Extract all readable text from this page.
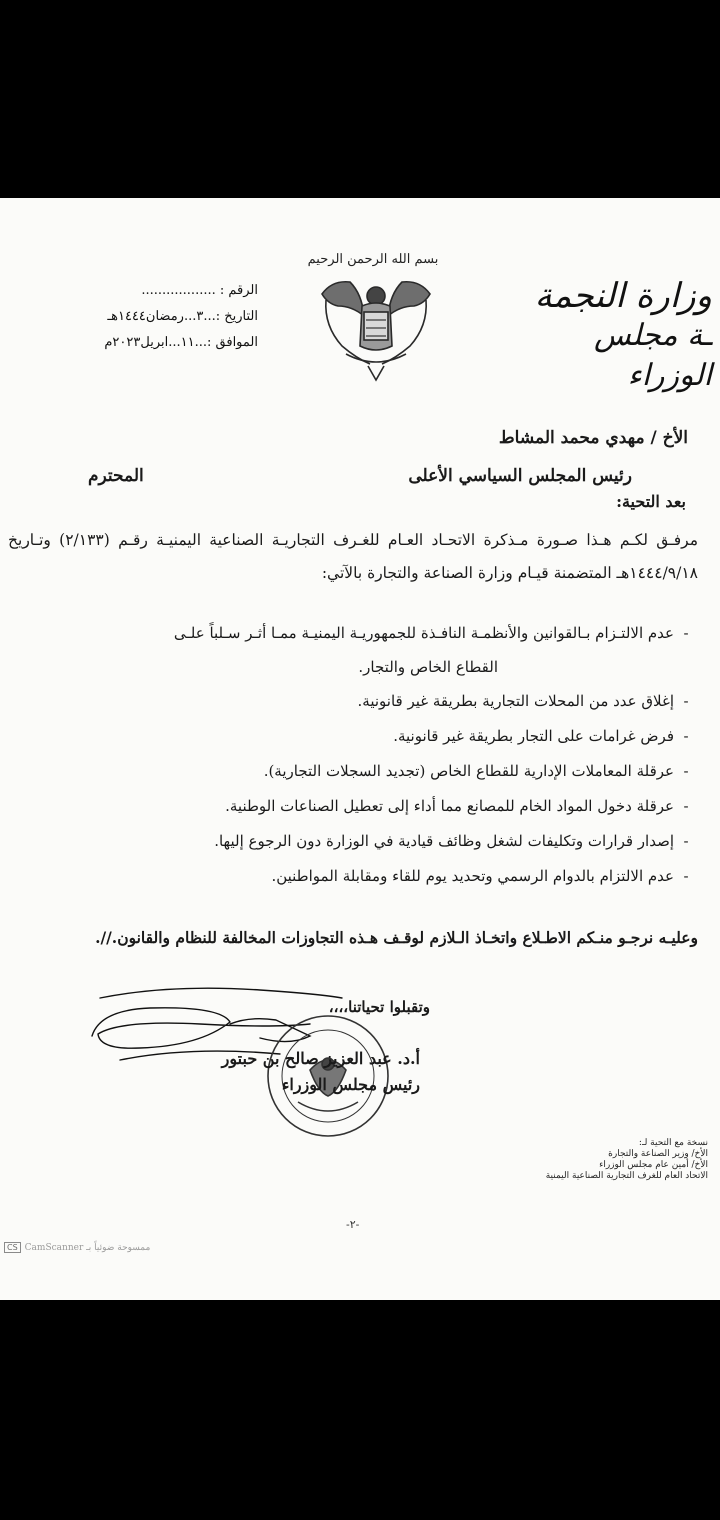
وزارة النجمة
ـة مجلس الوزراء
الرقم : ..................
التاريخ :...٣...رمضان١٤٤٤هـ
الموافق :...١١...ابريل٢٠٢٣م
بسم الله الرحمن الرحيم
الأخ / مهدي محمد المشاط
رئيس المجلس السياسي الأعلى
المحترم
بعد التحية:
مرفـق لكـم هـذا صـورة مـذكرة الاتحـاد العـام للغـرف التجاريـة الصناعية اليمنيـة رقـم (٢/١٣٣) وتـاريخ ١٤٤٤/٩/١٨هـ المتضمنة قيـام وزارة الصناعة والتجارة بالآتي:
-عدم الالتـزام بـالقوانين والأنظمـة النافـذة للجمهوريـة اليمنيـة ممـا أثـر سـلباً علـى
القطاع الخاص والتجار.
-إغلاق عدد من المحلات التجارية بطريقة غير قانونية.
-فرض غرامات على التجار بطريقة غير قانونية.
-عرقلة المعاملات الإدارية للقطاع الخاص (تجديد السجلات التجارية).
-عرقلة دخول المواد الخام للمصانع مما أداء إلى تعطيل الصناعات الوطنية.
-إصدار قرارات وتكليفات لشغل وظائف قيادية في الوزارة دون الرجوع إليها.
-عدم الالتزام بالدوام الرسمي وتحديد يوم للقاء ومقابلة المواطنين.
وعليـه نرجـو منـكم الاطـلاع واتخـاذ الـلازم لوقـف هـذه التجاوزات المخالفة للنظام والقانون.//.
وتقبلوا تحياتنا،،،،
أ.د. عبد العزيز صالح بن حبتور
رئيس مجلس الوزراء
نسخة مع التحية لـ:
الأخ/ وزير الصناعة والتجارة
الأخ/ أمين عام مجلس الوزراء
الاتحاد العام للغرف التجارية الصناعية اليمنية
-٢-
CS CamScanner ممسوحة ضوئياً بـ
